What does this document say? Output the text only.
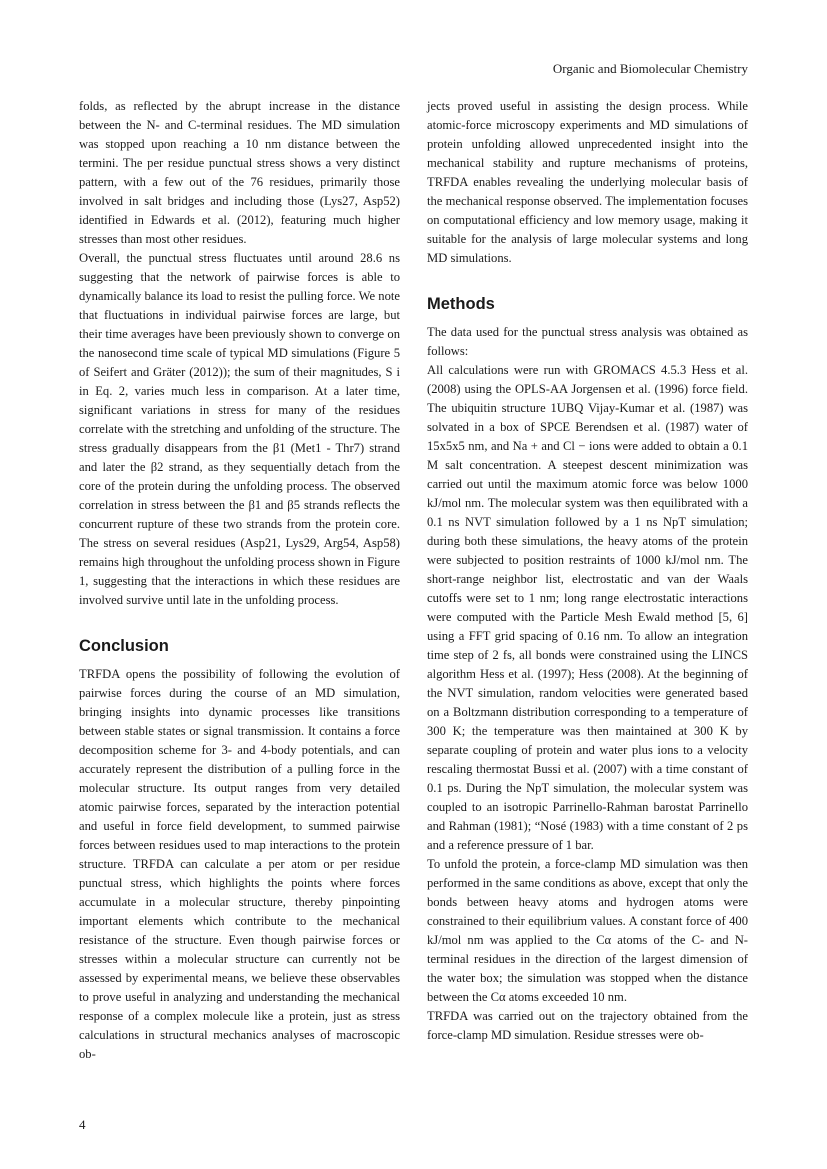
Organic and Biomolecular Chemistry

folds, as reflected by the abrupt increase in the distance between the N- and C-terminal residues. The MD simulation was stopped upon reaching a 10 nm distance between the termini. The per residue punctual stress shows a very distinct pattern, with a few out of the 76 residues, primarily those involved in salt bridges and including those (Lys27, Asp52) identified in Edwards et al. (2012), featuring much higher stresses than most other residues.

Overall, the punctual stress fluctuates until around 28.6 ns suggesting that the network of pairwise forces is able to dynamically balance its load to resist the pulling force. We note that fluctuations in individual pairwise forces are large, but their time averages have been previously shown to converge on the nanosecond time scale of typical MD simulations (Figure 5 of Seifert and Gräter (2012)); the sum of their magnitudes, S i in Eq. 2, varies much less in comparison. At a later time, significant variations in stress for many of the residues correlate with the stretching and unfolding of the structure. The stress gradually disappears from the β1 (Met1 - Thr7) strand and later the β2 strand, as they sequentially detach from the core of the protein during the unfolding process. The observed correlation in stress between the β1 and β5 strands reflects the concurrent rupture of these two strands from the protein core. The stress on several residues (Asp21, Lys29, Arg54, Asp58) remains high throughout the unfolding process shown in Figure 1, suggesting that the interactions in which these residues are involved survive until late in the unfolding process.

Conclusion

TRFDA opens the possibility of following the evolution of pairwise forces during the course of an MD simulation, bringing insights into dynamic processes like transitions between stable states or signal transmission. It contains a force decomposition scheme for 3- and 4-body potentials, and can accurately represent the distribution of a pulling force in the molecular structure. Its output ranges from very detailed atomic pairwise forces, separated by the interaction potential and useful in force field development, to summed pairwise forces between residues used to map interactions to the protein structure. TRFDA can calculate a per atom or per residue punctual stress, which highlights the points where forces accumulate in a molecular structure, thereby pinpointing important elements which contribute to the mechanical resistance of the structure. Even though pairwise forces or stresses within a molecular structure can currently not be assessed by experimental means, we believe these observables to prove useful in analyzing and understanding the mechanical response of a complex molecule like a protein, just as stress calculations in structural mechanics analyses of macroscopic ob-

jects proved useful in assisting the design process. While atomic-force microscopy experiments and MD simulations of protein unfolding allowed unprecedented insight into the mechanical stability and rupture mechanisms of proteins, TRFDA enables revealing the underlying molecular basis of the mechanical response observed. The implementation focuses on computational efficiency and low memory usage, making it suitable for the analysis of large molecular systems and long MD simulations.

Methods

The data used for the punctual stress analysis was obtained as follows:

All calculations were run with GROMACS 4.5.3 Hess et al. (2008) using the OPLS-AA Jorgensen et al. (1996) force field. The ubiquitin structure 1UBQ Vijay-Kumar et al. (1987) was solvated in a box of SPCE Berendsen et al. (1987) water of 15x5x5 nm, and Na + and Cl − ions were added to obtain a 0.1 M salt concentration. A steepest descent minimization was carried out until the maximum atomic force was below 1000 kJ/mol nm. The molecular system was then equilibrated with a 0.1 ns NVT simulation followed by a 1 ns NpT simulation; during both these simulations, the heavy atoms of the protein were subjected to position restraints of 1000 kJ/mol nm. The short-range neighbor list, electrostatic and van der Waals cutoffs were set to 1 nm; long range electrostatic interactions were computed with the Particle Mesh Ewald method [5, 6] using a FFT grid spacing of 0.16 nm. To allow an integration time step of 2 fs, all bonds were constrained using the LINCS algorithm Hess et al. (1997); Hess (2008). At the beginning of the NVT simulation, random velocities were generated based on a Boltzmann distribution corresponding to a temperature of 300 K; the temperature was then maintained at 300 K by separate coupling of protein and water plus ions to a velocity rescaling thermostat Bussi et al. (2007) with a time constant of 0.1 ps. During the NpT simulation, the molecular system was coupled to an isotropic Parrinello-Rahman barostat Parrinello and Rahman (1981); “Nosé (1983) with a time constant of 2 ps and a reference pressure of 1 bar.

To unfold the protein, a force-clamp MD simulation was then performed in the same conditions as above, except that only the bonds between heavy atoms and hydrogen atoms were constrained to their equilibrium values. A constant force of 400 kJ/mol nm was applied to the Cα atoms of the C- and N-terminal residues in the direction of the largest dimension of the water box; the simulation was stopped when the distance between the Cα atoms exceeded 10 nm.

TRFDA was carried out on the trajectory obtained from the force-clamp MD simulation. Residue stresses were ob-

4
